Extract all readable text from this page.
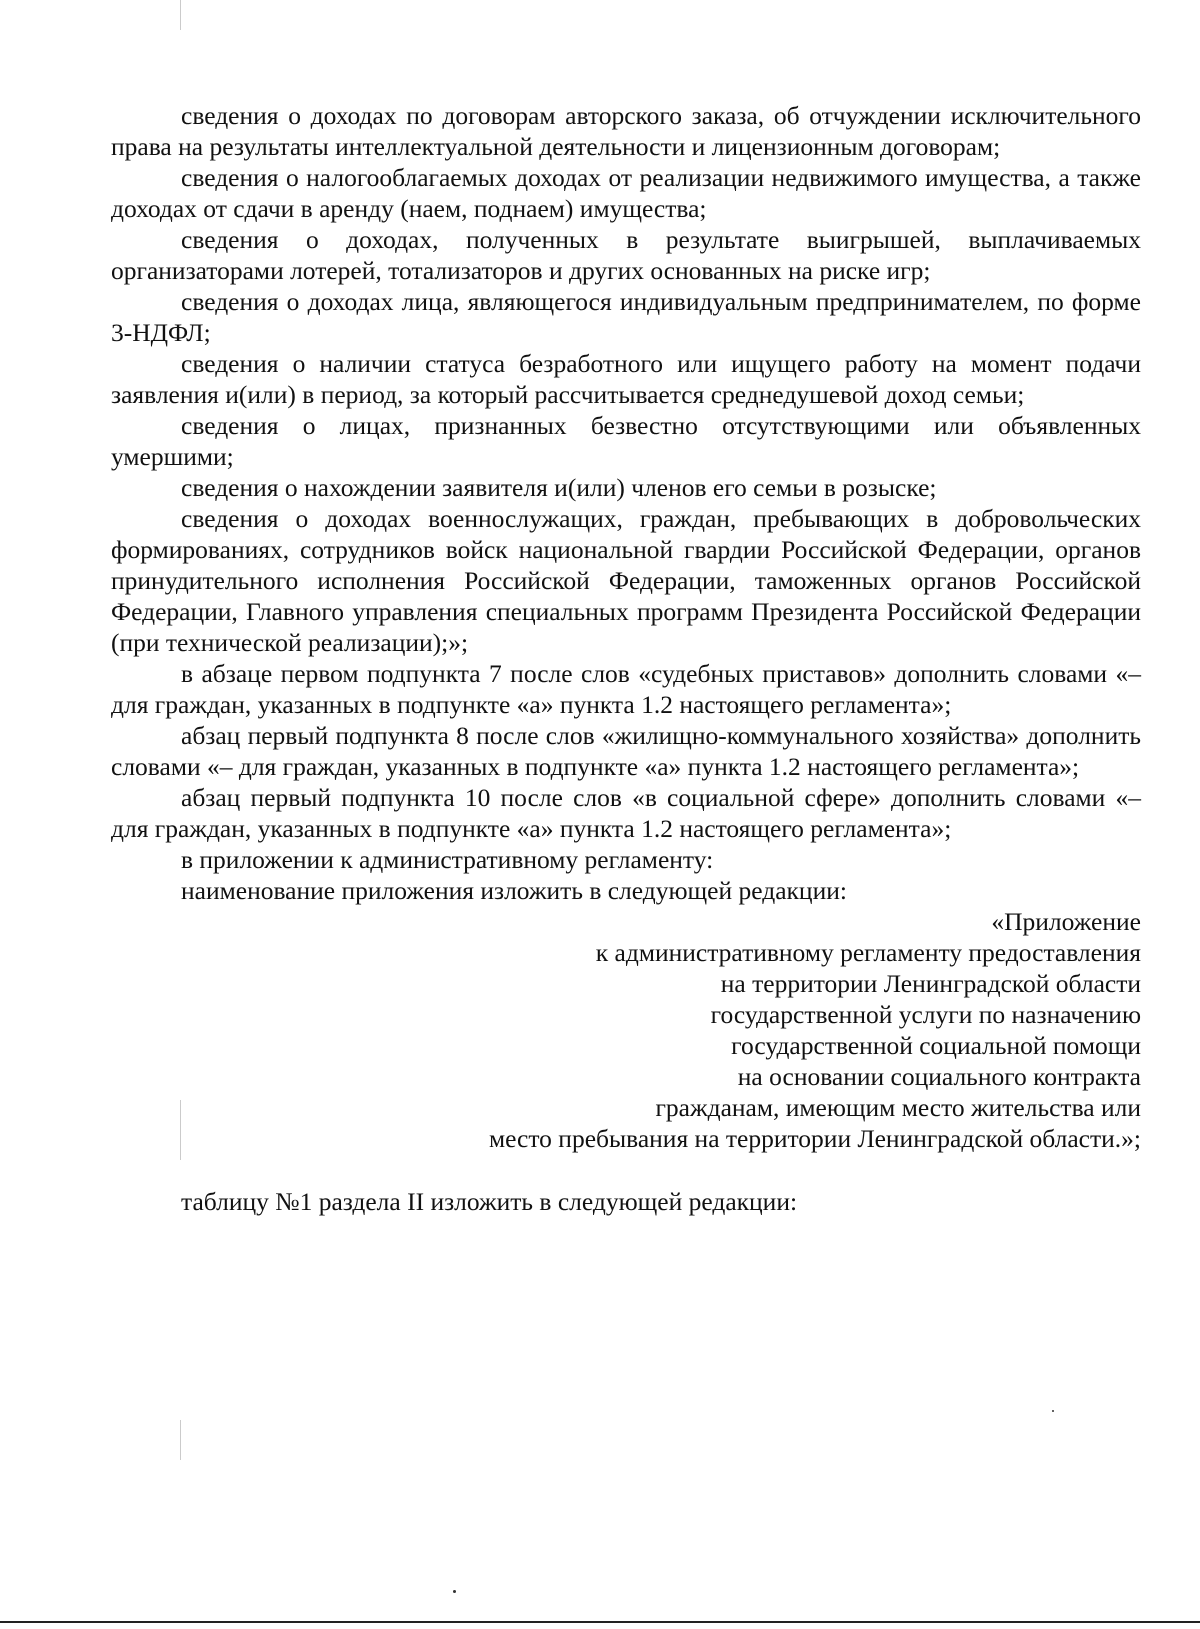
сведения о доходах по договорам авторского заказа, об отчуждении исключительного права на результаты интеллектуальной деятельности и лицензионным договорам;

сведения о налогооблагаемых доходах от реализации недвижимого имущества, а также доходах от сдачи в аренду (наем, поднаем) имущества;

сведения о доходах, полученных в результате выигрышей, выплачиваемых организаторами лотерей, тотализаторов и других основанных на риске игр;

сведения о доходах лица, являющегося индивидуальным предпринимателем, по форме 3-НДФЛ;

сведения о наличии статуса безработного или ищущего работу на момент подачи заявления и(или) в период, за который рассчитывается среднедушевой доход семьи;

сведения о лицах, признанных безвестно отсутствующими или объявленных умершими;

сведения о нахождении заявителя и(или) членов его семьи в розыске;

сведения о доходах военнослужащих, граждан, пребывающих в добровольческих формированиях, сотрудников войск национальной гвардии Российской Федерации, органов принудительного исполнения Российской Федерации, таможенных органов Российской Федерации, Главного управления специальных программ Президента Российской Федерации (при технической реализации);»;

в абзаце первом подпункта 7 после слов «судебных приставов» дополнить словами «– для граждан, указанных в подпункте «а» пункта 1.2 настоящего регламента»;

абзац первый подпункта 8 после слов «жилищно-коммунального хозяйства» дополнить словами «– для граждан, указанных в подпункте «а» пункта 1.2 настоящего регламента»;

абзац первый подпункта 10 после слов «в социальной сфере» дополнить словами «– для граждан, указанных в подпункте «а» пункта 1.2 настоящего регламента»;

в приложении к административному регламенту:

наименование приложения изложить в следующей редакции:

«Приложение
к административному регламенту предоставления
на территории Ленинградской области
государственной услуги по назначению
государственной социальной помощи
на основании социального контракта
гражданам, имеющим место жительства или
место пребывания на территории Ленинградской области.»;

таблицу №1 раздела II изложить в следующей редакции:
